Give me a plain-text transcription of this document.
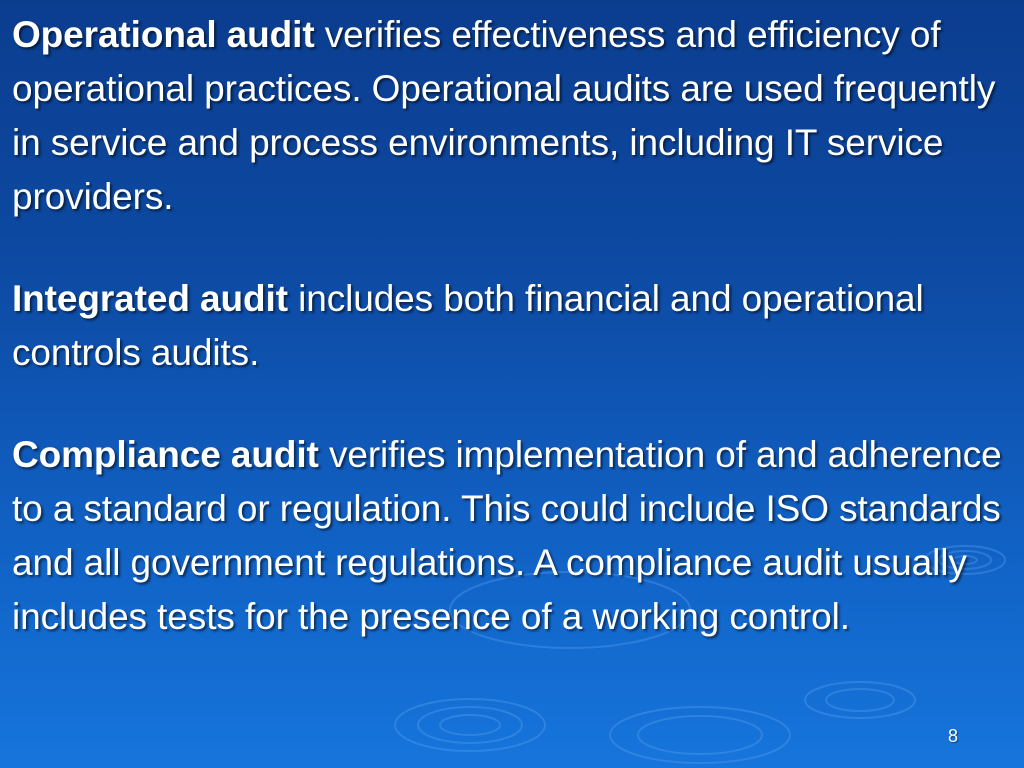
Operational audit verifies effectiveness and efficiency of operational practices. Operational audits are used frequently in service and process environments, including IT service providers.

Integrated audit includes both financial and operational controls audits.

Compliance audit verifies implementation of and adherence to a standard or regulation. This could include ISO standards and all government regulations. A compliance audit usually includes tests for the presence of a working control.

8
